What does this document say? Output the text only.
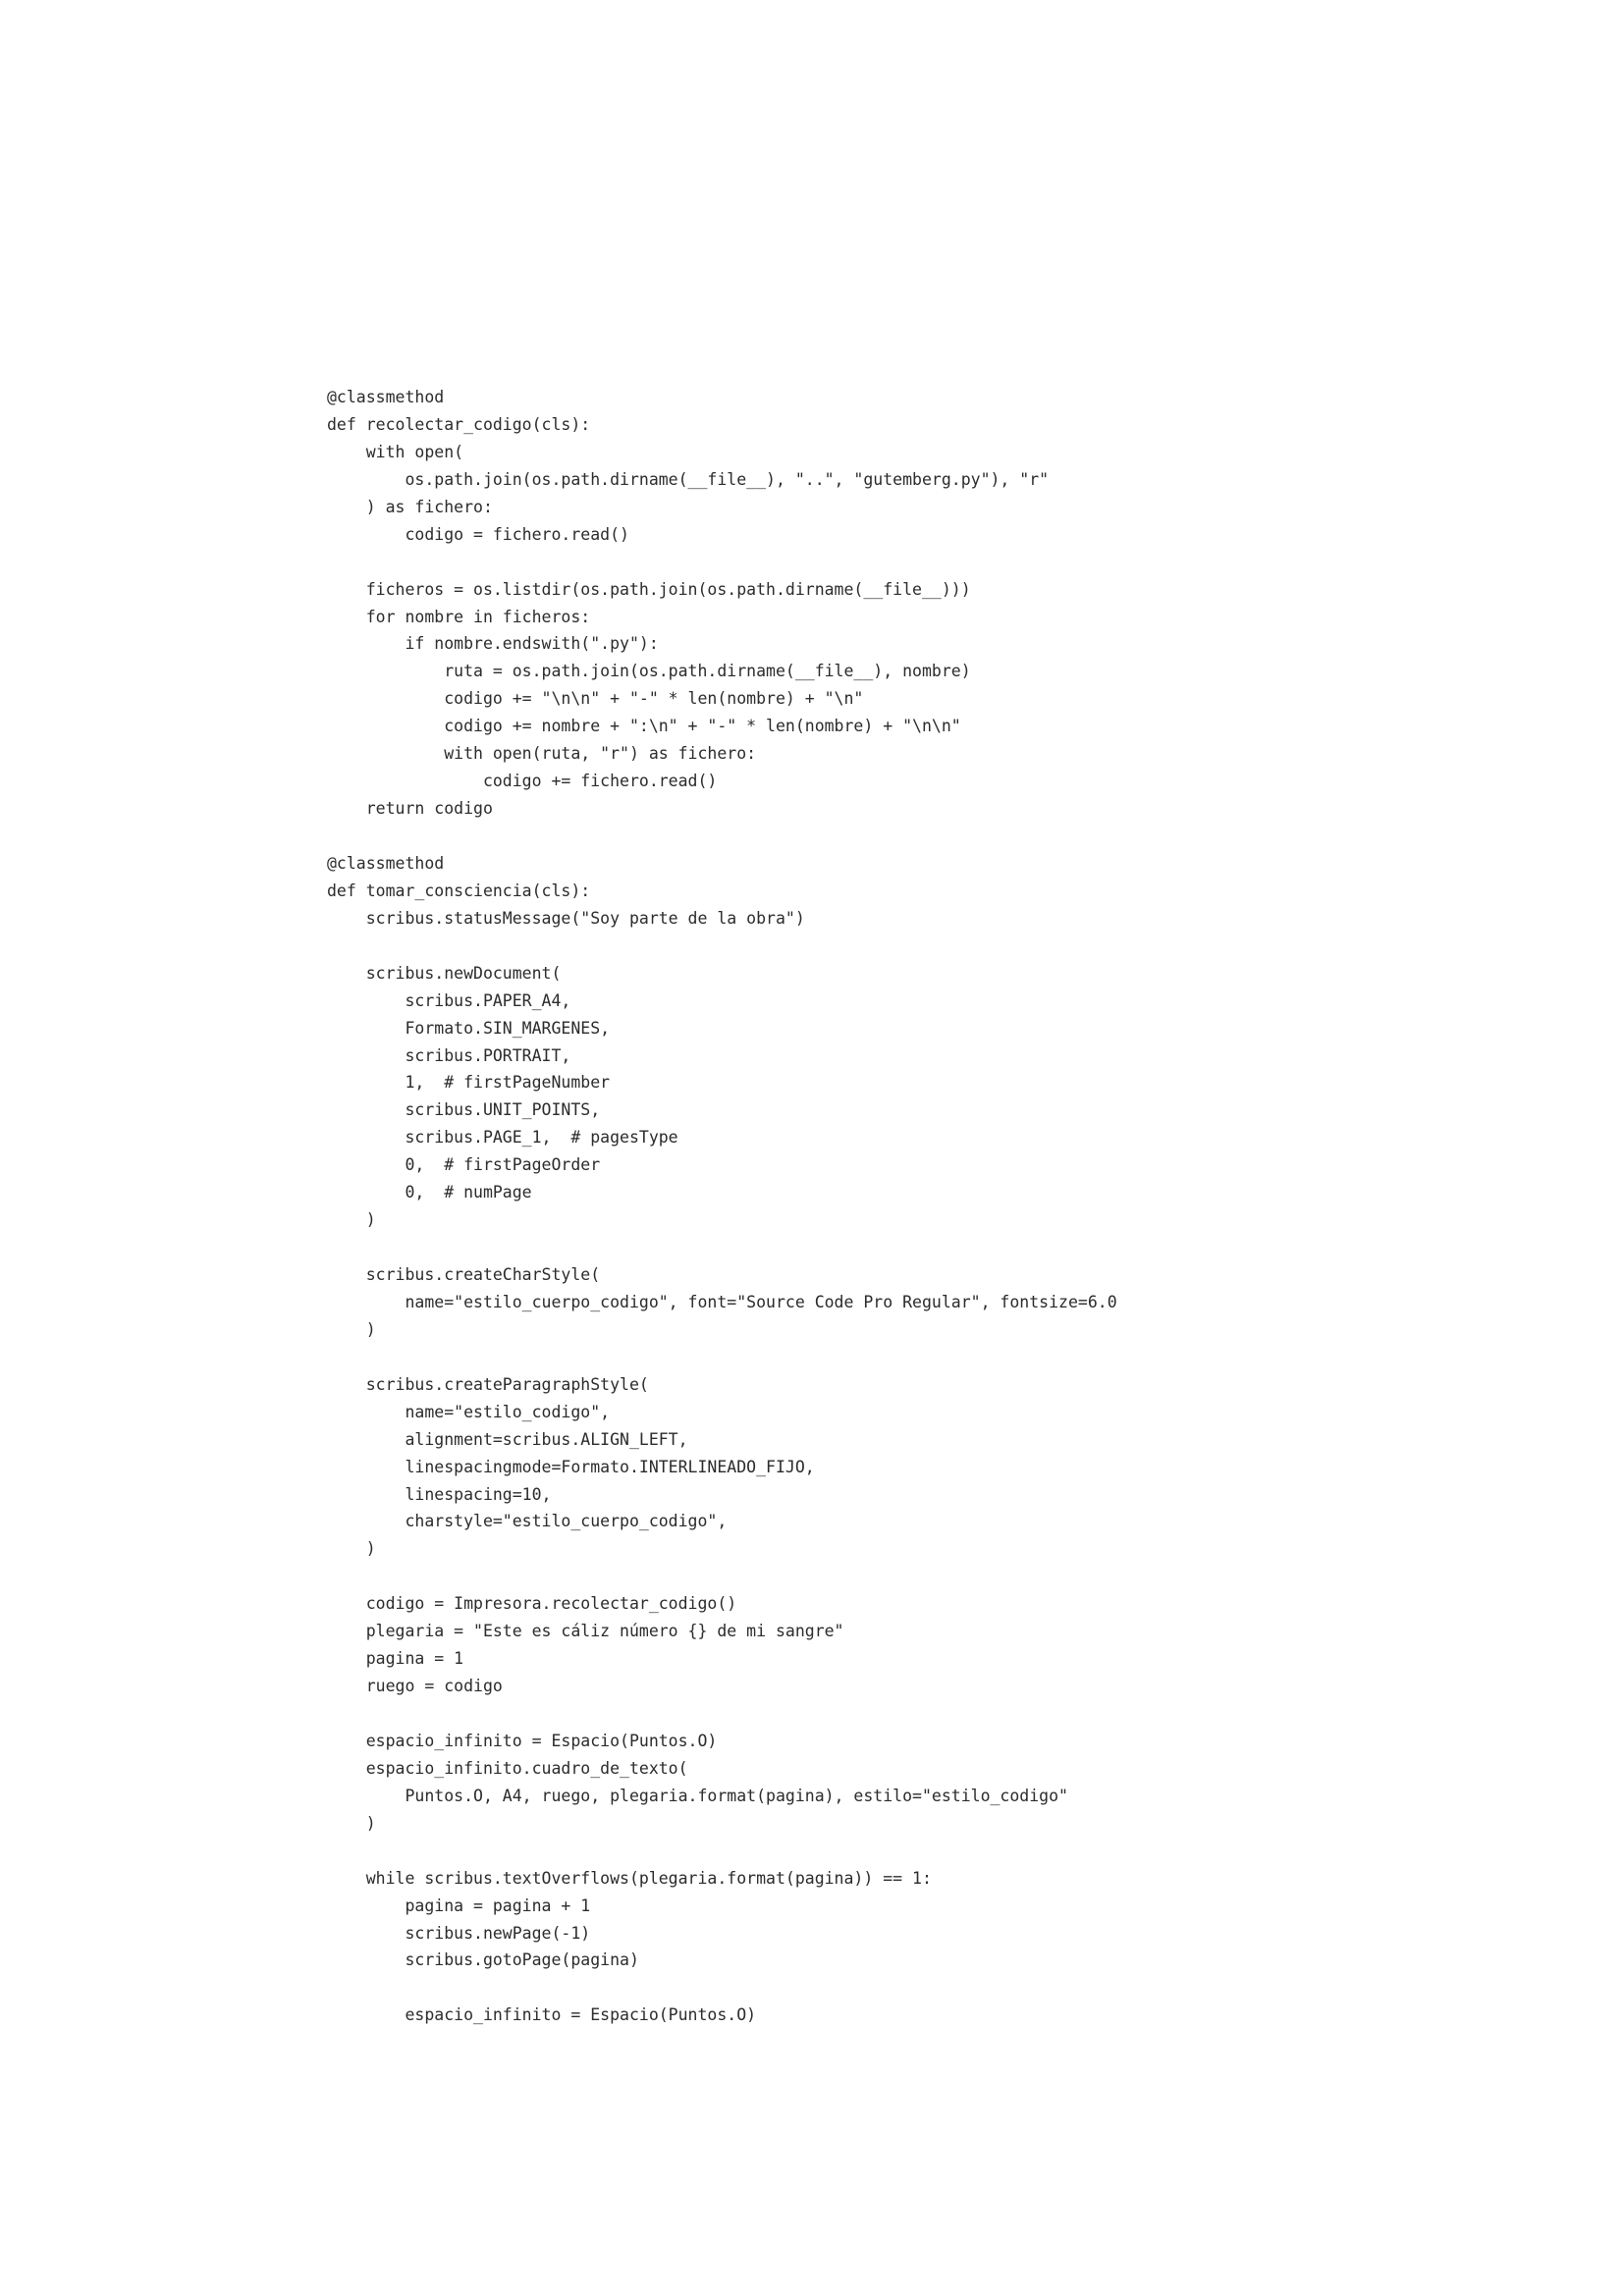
@classmethod
def recolectar_codigo(cls):
with open(
os.path.join(os.path.dirname(__file__), "..", "gutemberg.py"), "r"
) as fichero:
codigo = fichero.read()
ficheros = os.listdir(os.path.join(os.path.dirname(__file__)))
for nombre in ficheros:
if nombre.endswith(".py"):
ruta = os.path.join(os.path.dirname(__file__), nombre)
codigo += "\n\n" + "-" * len(nombre) + "\n"
codigo += nombre + ":\n" + "-" * len(nombre) + "\n\n"
with open(ruta, "r") as fichero:
codigo += fichero.read()
return codigo
@classmethod
def tomar_consciencia(cls):
scribus.statusMessage("Soy parte de la obra")
scribus.newDocument(
scribus.PAPER_A4,
Formato.SIN_MARGENES,
scribus.PORTRAIT,
1,  # firstPageNumber
scribus.UNIT_POINTS,
scribus.PAGE_1,  # pagesType
0,  # firstPageOrder
0,  # numPage
)
scribus.createCharStyle(
name="estilo_cuerpo_codigo", font="Source Code Pro Regular", fontsize=6.0
)
scribus.createParagraphStyle(
name="estilo_codigo",
alignment=scribus.ALIGN_LEFT,
linespacingmode=Formato.INTERLINEADO_FIJO,
linespacing=10,
charstyle="estilo_cuerpo_codigo",
)
codigo = Impresora.recolectar_codigo()
plegaria = "Este es cáliz número {} de mi sangre"
pagina = 1
ruego = codigo
espacio_infinito = Espacio(Puntos.O)
espacio_infinito.cuadro_de_texto(
Puntos.O, A4, ruego, plegaria.format(pagina), estilo="estilo_codigo"
)
while scribus.textOverflows(plegaria.format(pagina)) == 1:
pagina = pagina + 1
scribus.newPage(-1)
scribus.gotoPage(pagina)
espacio_infinito = Espacio(Puntos.O)
